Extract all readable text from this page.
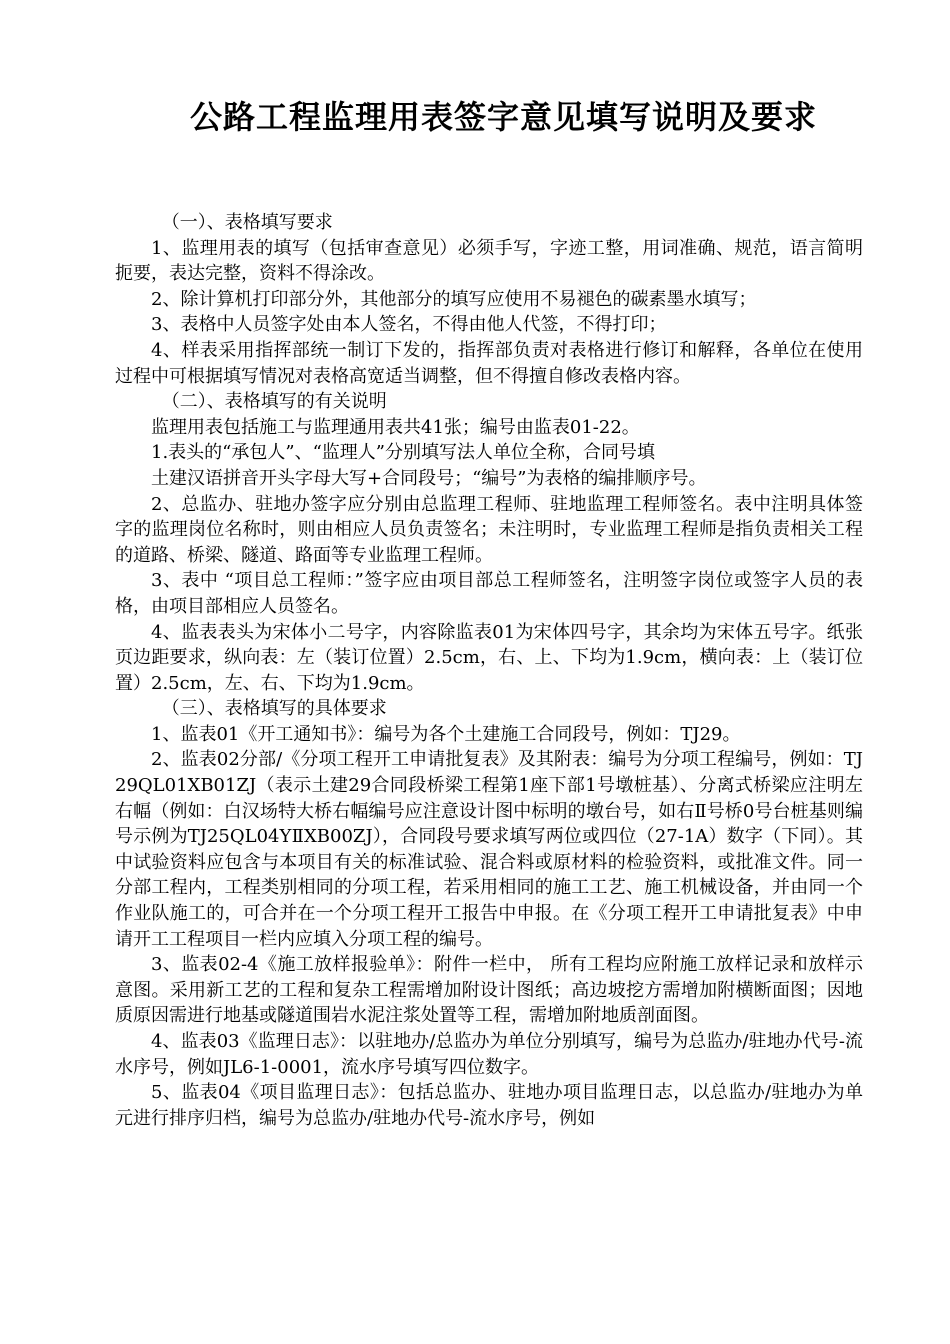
公路工程监理用表签字意见填写说明及要求

（一）、表格填写要求

1、监理用表的填写（包括审查意见）必须手写，字迹工整，用词准确、规范，语言简明扼要，表达完整，资料不得涂改。

2、除计算机打印部分外，其他部分的填写应使用不易褪色的碳素墨水填写；

3、表格中人员签字处由本人签名，不得由他人代签，不得打印；

4、样表采用指挥部统一制订下发的，指挥部负责对表格进行修订和解释，各单位在使用过程中可根据填写情况对表格高宽适当调整，但不得擅自修改表格内容。

（二）、表格填写的有关说明

监理用表包括施工与监理通用表共41张；编号由监表01-22。

1.表头的“承包人”、“监理人”分别填写法人单位全称，合同号填

土建汉语拼音开头字母大写+合同段号；“编号”为表格的编排顺序号。

2、总监办、驻地办签字应分别由总监理工程师、驻地监理工程师签名。表中注明具体签字的监理岗位名称时，则由相应人员负责签名；未注明时，专业监理工程师是指负责相关工程的道路、桥梁、隧道、路面等专业监理工程师。

3、表中 “项目总工程师：”签字应由项目部总工程师签名，注明签字岗位或签字人员的表格，由项目部相应人员签名。

4、监表表头为宋体小二号字，内容除监表01为宋体四号字，其余均为宋体五号字。纸张页边距要求，纵向表：左（装订位置）2.5cm，右、上、下均为1.9cm，横向表：上（装订位置）2.5cm，左、右、下均为1.9cm。

（三）、表格填写的具体要求

1、监表01《开工通知书》：编号为各个土建施工合同段号，例如：TJ29。

2、监表02分部/《分项工程开工申请批复表》及其附表：编号为分项工程编号，例如：TJ29QL01XB01ZJ（表示土建29合同段桥梁工程第1座下部1号墩桩基）、分离式桥梁应注明左右幅（例如：白汉场特大桥右幅编号应注意设计图中标明的墩台号，如右Ⅱ号桥0号台桩基则编号示例为TJ25QL04YⅡXB00ZJ），合同段号要求填写两位或四位（27-1A）数字（下同）。其中试验资料应包含与本项目有关的标准试验、混合料或原材料的检验资料，或批准文件。同一分部工程内，工程类别相同的分项工程，若采用相同的施工工艺、施工机械设备，并由同一个作业队施工的，可合并在一个分项工程开工报告中申报。在《分项工程开工申请批复表》中申请开工工程项目一栏内应填入分项工程的编号。

3、监表02-4《施工放样报验单》：附件一栏中， 所有工程均应附施工放样记录和放样示意图。采用新工艺的工程和复杂工程需增加附设计图纸；高边坡挖方需增加附横断面图；因地质原因需进行地基或隧道围岩水泥注浆处置等工程，需增加附地质剖面图。

4、监表03《监理日志》：以驻地办/总监办为单位分别填写，编号为总监办/驻地办代号-流水序号，例如JL6-1-0001，流水序号填写四位数字。

5、监表04《项目监理日志》：包括总监办、驻地办项目监理日志，以总监办/驻地办为单元进行排序归档，编号为总监办/驻地办代号-流水序号，例如
